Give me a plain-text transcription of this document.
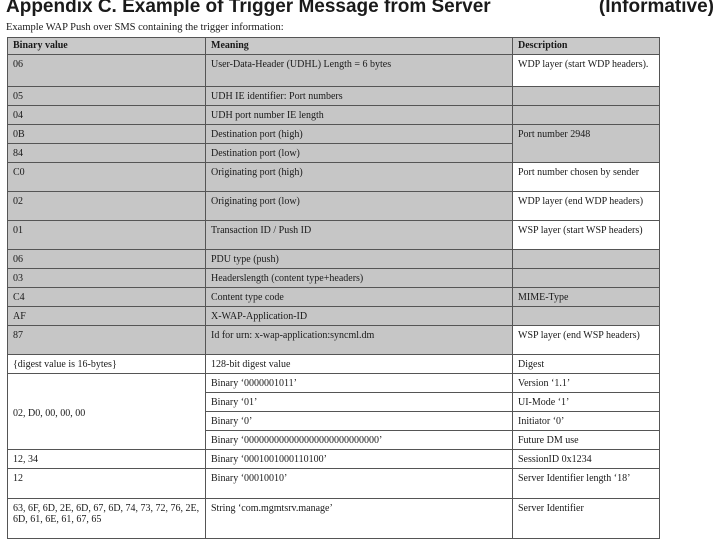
Appendix C. Example of Trigger Message from Server	(Informative)
Example WAP Push over SMS containing the trigger information:
Binary value	Meaning	Description
06	User-Data-Header (UDHL) Length = 6 bytes	WDP layer (start WDP headers).
05	UDH IE identifier: Port numbers	
04	UDH port number IE length	
0B	Destination port (high)	Port number 2948
84	Destination port (low)	
C0	Originating port (high)	Port number chosen by sender
02	Originating port (low)	WDP layer (end WDP headers)
01	Transaction ID / Push ID	WSP layer (start WSP headers)
06	PDU type (push)	
03	Headerslength (content type+headers)	
C4	Content type code	MIME-Type
AF	X-WAP-Application-ID	
87	Id for urn: x-wap-application:syncml.dm	WSP layer (end WSP headers)
{digest value is 16-bytes}	128-bit digest value	Digest
02, D0, 00, 00, 00	Binary ‘0000001011’	Version ‘1.1’
	Binary ‘01’	UI-Mode ‘1’
	Binary ‘0’	Initiator ‘0’
	Binary ‘000000000000000000000000000’	Future DM use
12, 34	Binary ‘0001001000110100’	SessionID 0x1234
12	Binary ‘00010010’	Server Identifier length ‘18’
63, 6F, 6D, 2E, 6D, 67, 6D, 74, 73, 72, 76, 2E, 6D, 61, 6E, 61, 67, 65	String ‘com.mgmtsrv.manage’	Server Identifier
